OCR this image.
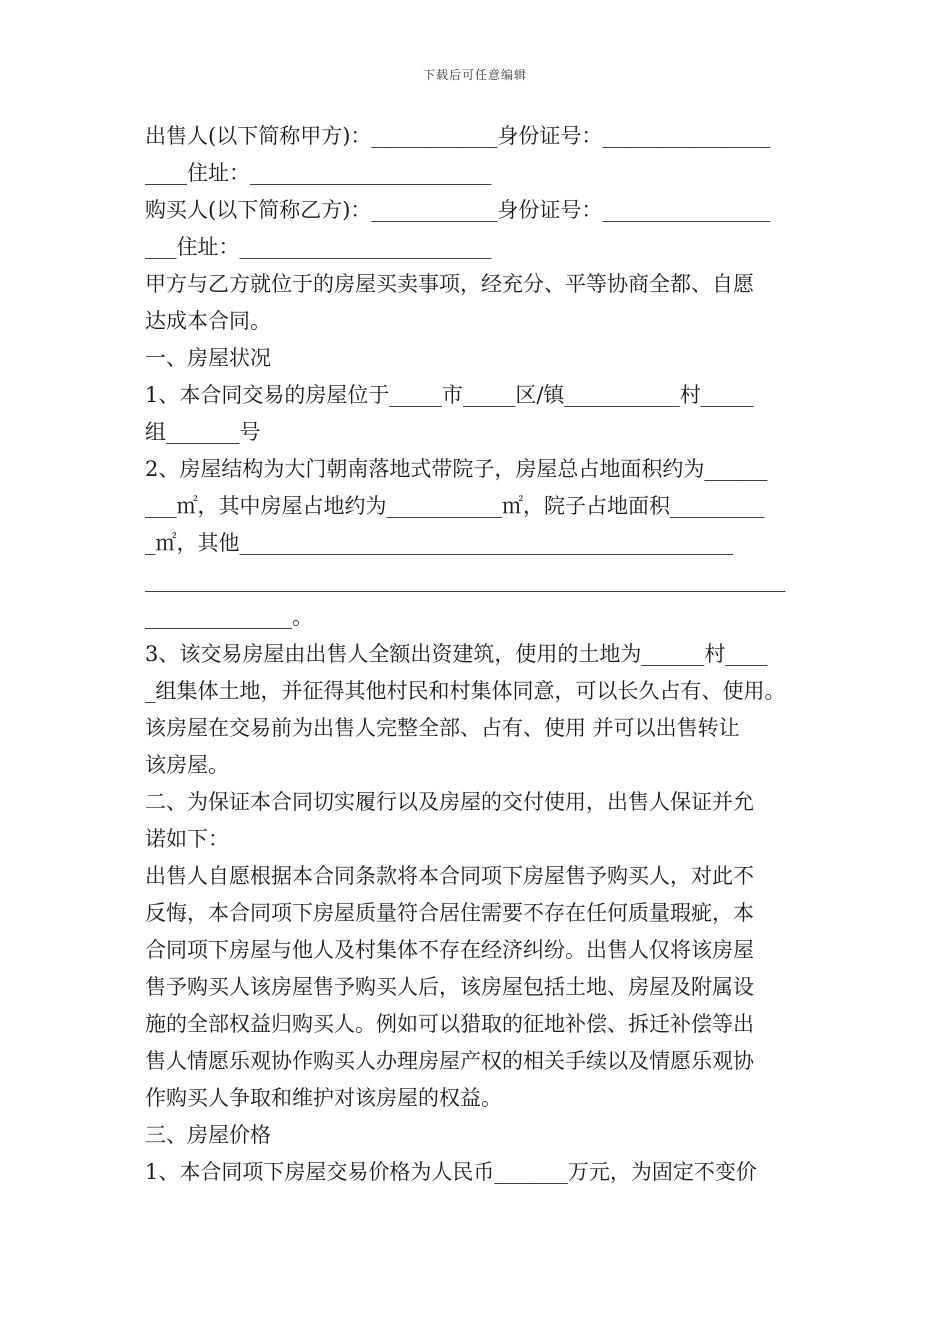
下载后可任意编辑
出售人(以下简称甲方)：____________身份证号：________________
____住址：_______________________
购买人(以下简称乙方)：____________身份证号：________________
___住址：________________________
甲方与乙方就位于的房屋买卖事项，经充分、平等协商全都、自愿
达成本合同。
一、房屋状况
1、本合同交易的房屋位于_____市_____区/镇___________村_____
组_______号
2、房屋结构为大门朝南落地式带院子，房屋总占地面积约为______
___㎡，其中房屋占地约为___________㎡，院子占地面积_________
_㎡，其他_______________________________________________
_____________________________________________________________
______________。
3、该交易房屋由出售人全额出资建筑，使用的土地为______村____
_组集体土地，并征得其他村民和村集体同意，可以长久占有、使用。
该房屋在交易前为出售人完整全部、占有、使用 并可以出售转让
该房屋。
二、为保证本合同切实履行以及房屋的交付使用，出售人保证并允
诺如下：
出售人自愿根据本合同条款将本合同项下房屋售予购买人，对此不
反悔，本合同项下房屋质量符合居住需要不存在任何质量瑕疵，本
合同项下房屋与他人及村集体不存在经济纠纷。出售人仅将该房屋
售予购买人该房屋售予购买人后，该房屋包括土地、房屋及附属设
施的全部权益归购买人。例如可以猎取的征地补偿、拆迁补偿等出
售人情愿乐观协作购买人办理房屋产权的相关手续以及情愿乐观协
作购买人争取和维护对该房屋的权益。
三、房屋价格
1、本合同项下房屋交易价格为人民币_______万元，为固定不变价
